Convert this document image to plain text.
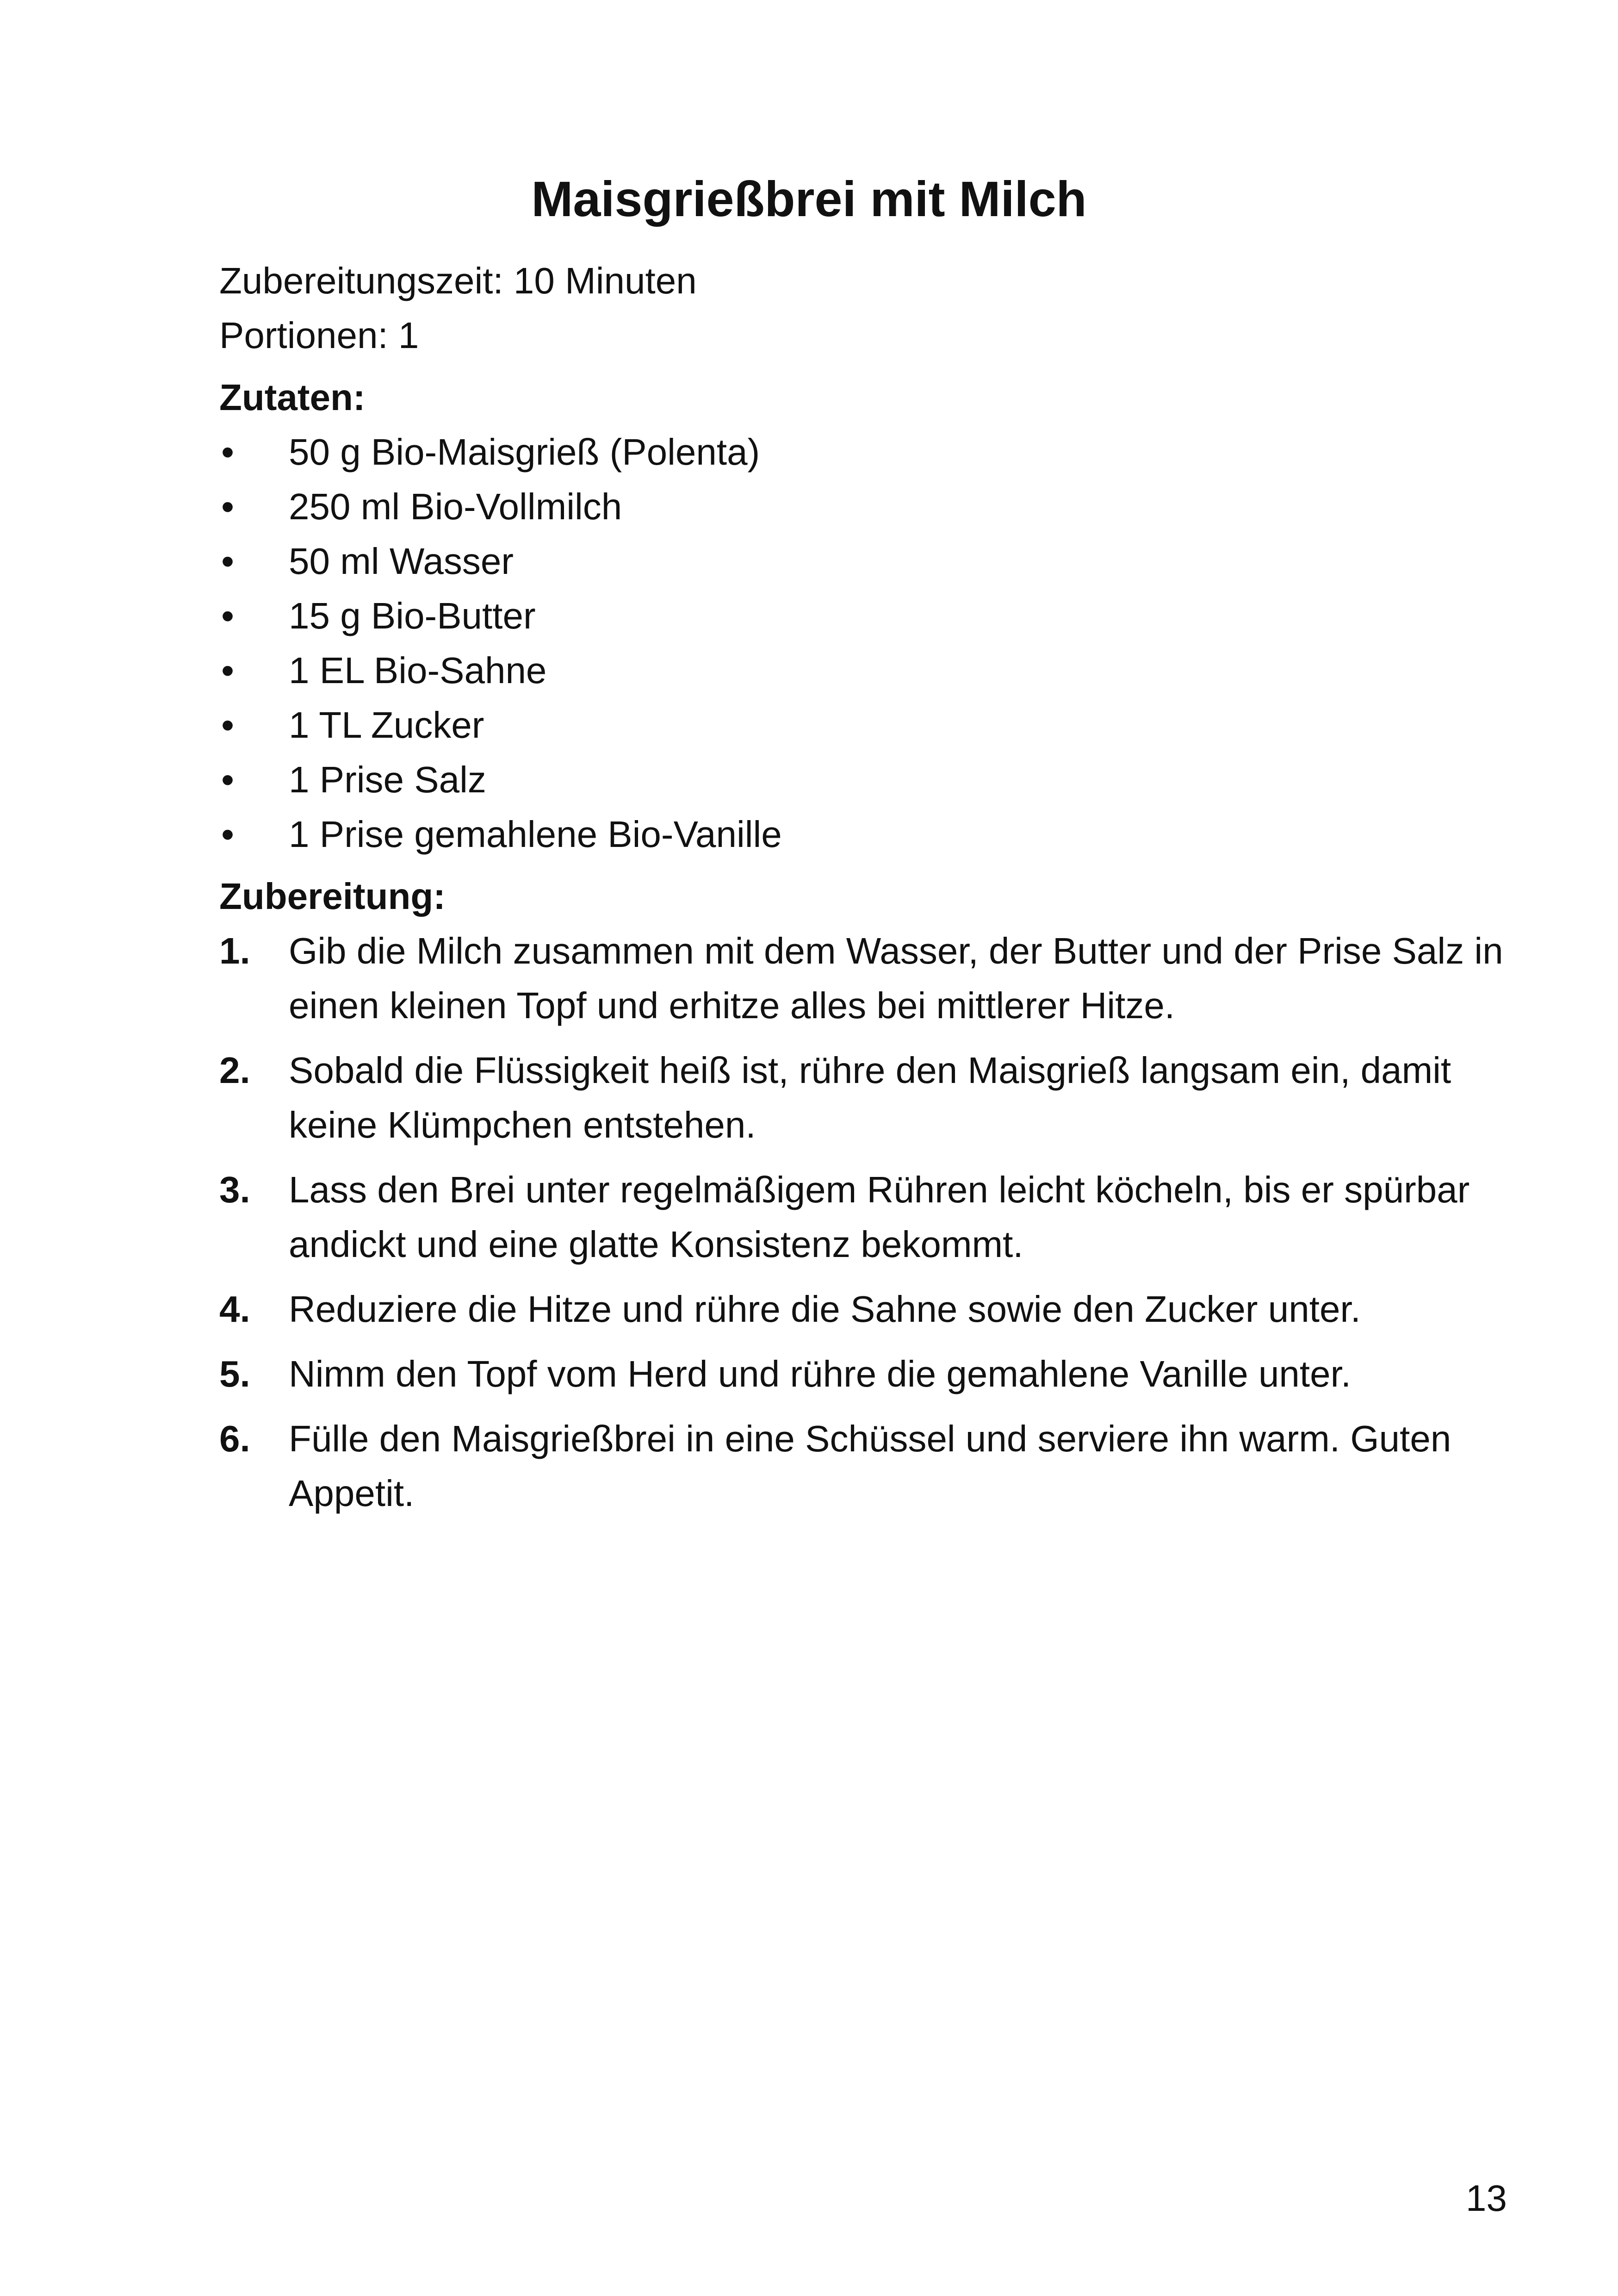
Maisgrießbrei mit Milch

Zubereitungszeit: 10 Minuten

Portionen: 1

Zutaten:

•	50 g Bio-Maisgrieß (Polenta)
•	250 ml Bio-Vollmilch
•	50 ml Wasser
•	15 g Bio-Butter
•	1 EL Bio-Sahne
•	1 TL Zucker
•	1 Prise Salz
•	1 Prise gemahlene Bio-Vanille

Zubereitung:

1. Gib die Milch zusammen mit dem Wasser, der Butter und der Prise Salz in einen kleinen Topf und erhitze alles bei mittlerer Hitze.
2. Sobald die Flüssigkeit heiß ist, rühre den Maisgrieß langsam ein, damit keine Klümpchen entstehen.
3. Lass den Brei unter regelmäßigem Rühren leicht köcheln, bis er spürbar andickt und eine glatte Konsistenz bekommt.
4. Reduziere die Hitze und rühre die Sahne sowie den Zucker unter.
5. Nimm den Topf vom Herd und rühre die gemahlene Vanille unter.
6. Fülle den Maisgrießbrei in eine Schüssel und serviere ihn warm. Guten Appetit.

13
